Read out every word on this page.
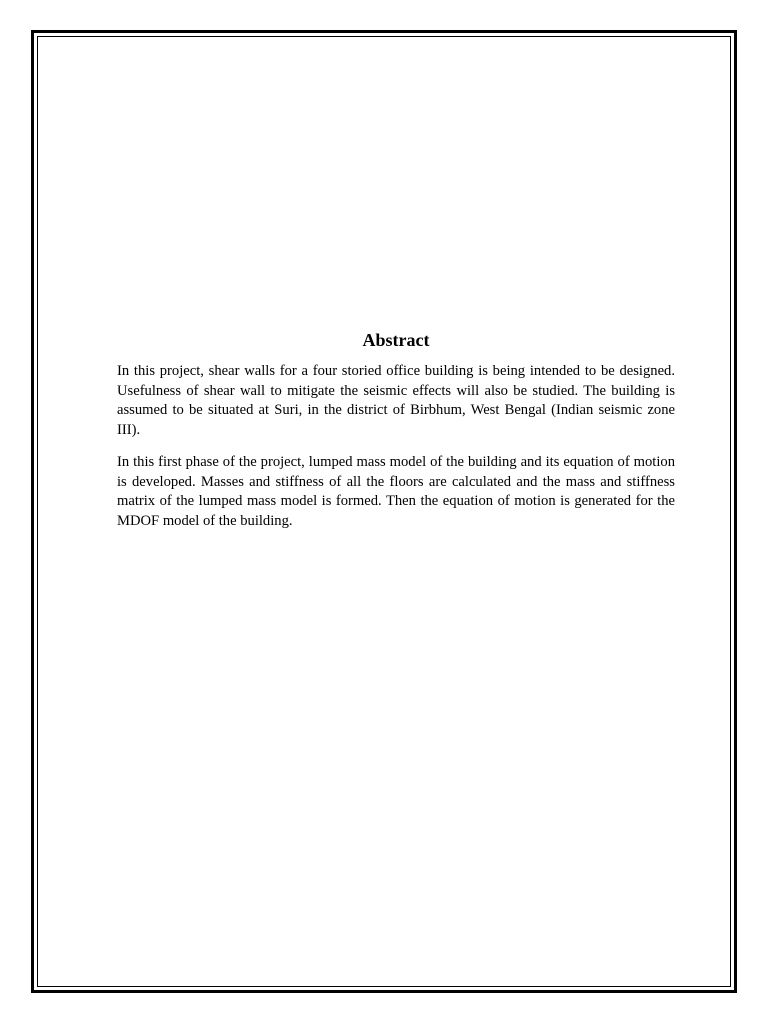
Abstract

In this project, shear walls for a four storied office building is being intended to be designed. Usefulness of shear wall to mitigate the seismic effects will also be studied. The building is assumed to be situated at Suri, in the district of Birbhum, West Bengal (Indian seismic zone III).

In this first phase of the project, lumped mass model of the building and its equation of motion is developed. Masses and stiffness of all the floors are calculated and the mass and stiffness matrix of the lumped mass model is formed. Then the equation of motion is generated for the MDOF model of the building.
